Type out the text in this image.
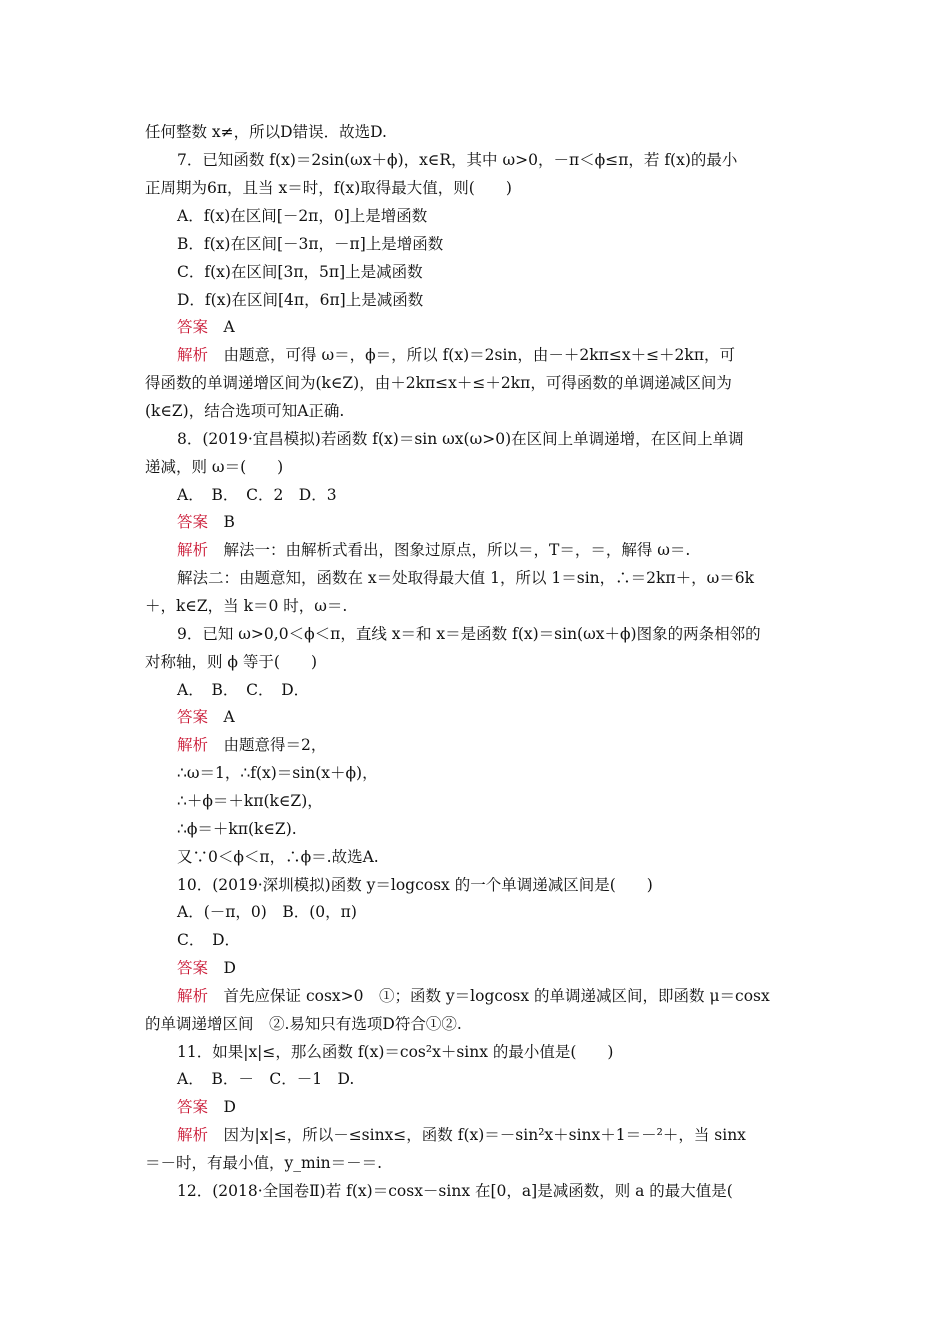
任何整数 x≠，所以D错误．故选D.
7．已知函数 f(x)＝2sin(ωx＋ϕ)，x∈R，其中 ω>0，－π＜ϕ≤π，若 f(x)的最小
正周期为6π，且当 x＝时，f(x)取得最大值，则(　　)
A．f(x)在区间[－2π，0]上是增函数
B．f(x)在区间[－3π，－π]上是增函数
C．f(x)在区间[3π，5π]上是减函数
D．f(x)在区间[4π，6π]上是减函数
答案　A
解析　由题意，可得 ω＝，ϕ＝，所以 f(x)＝2sin，由－＋2kπ≤x＋≤＋2kπ，可
得函数的单调递增区间为(k∈Z)，由＋2kπ≤x＋≤＋2kπ，可得函数的单调递减区间为
(k∈Z)，结合选项可知A正确.
8．(2019·宜昌模拟)若函数 f(x)＝sin ωx(ω>0)在区间上单调递增，在区间上单调
递减，则 ω＝(　　)
A．　B．　C．2　D．3
答案　B
解析　解法一：由解析式看出，图象过原点，所以＝，T＝，＝，解得 ω＝.
解法二：由题意知，函数在 x＝处取得最大值 1，所以 1＝sin，∴＝2kπ＋，ω＝6k
＋，k∈Z，当 k＝0 时，ω＝.
9．已知 ω>0,0＜ϕ＜π，直线 x＝和 x＝是函数 f(x)＝sin(ωx＋ϕ)图象的两条相邻的
对称轴，则 ϕ 等于(　　)
A．　B．　C．　D．
答案　A
解析　由题意得＝2，
∴ω＝1，∴f(x)＝sin(x＋ϕ)，
∴＋ϕ＝＋kπ(k∈Z)，
∴ϕ＝＋kπ(k∈Z).
又∵0＜ϕ＜π，∴ϕ＝.故选A.
10．(2019·深圳模拟)函数 y＝logcosx 的一个单调递减区间是(　　)
A．(－π，0)　B．(0，π)
C．　D．
答案　D
解析　首先应保证 cosx>0　①；函数 y＝logcosx 的单调递减区间，即函数 μ＝cosx
的单调递增区间　②.易知只有选项D符合①②.
11．如果|x|≤，那么函数 f(x)＝cos²x＋sinx 的最小值是(　　)
A．　B．－　C．－1　D.
答案　D
解析　因为|x|≤，所以－≤sinx≤，函数 f(x)＝－sin²x＋sinx＋1＝－²＋，当 sinx
＝－时，有最小值，y_min＝－＝.
12．(2018·全国卷Ⅱ)若 f(x)＝cosx－sinx 在[0，a]是减函数，则 a 的最大值是(
